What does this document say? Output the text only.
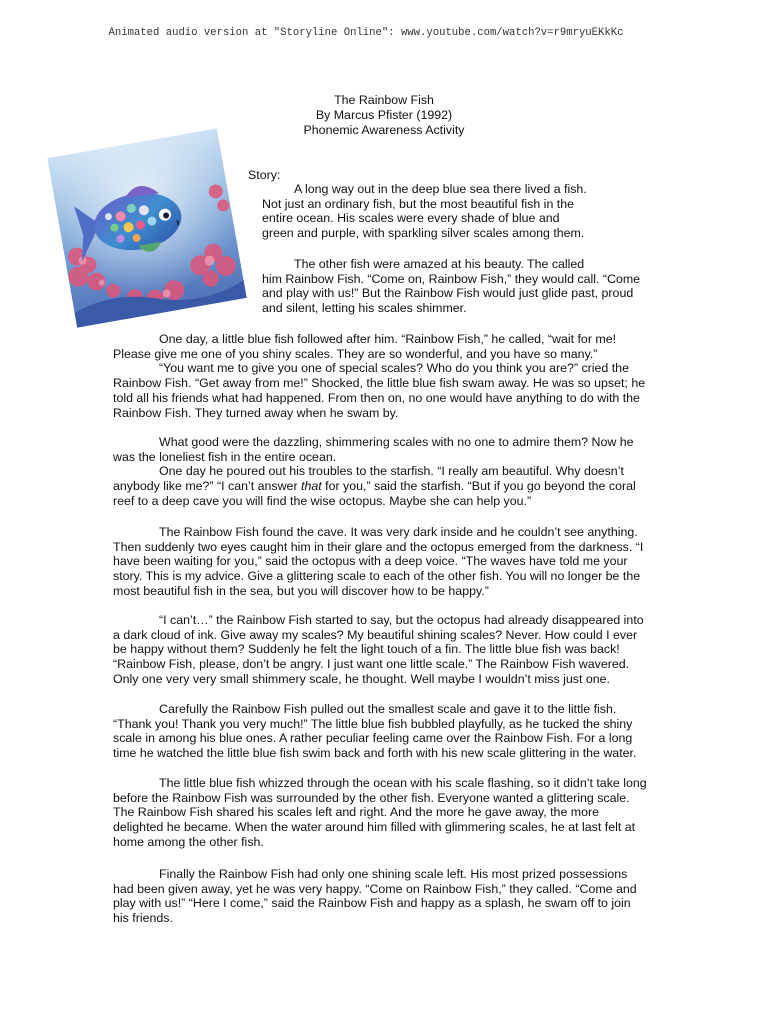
Animated audio version at "Storyline Online": www.youtube.com/watch?v=r9mryuEKkKc
The Rainbow Fish
By Marcus Pfister (1992)
Phonemic Awareness Activity
Story:
A long way out in the deep blue sea there lived a fish.
Not just an ordinary fish, but the most beautiful fish in the
entire ocean. His scales were every shade of blue and
green and purple, with sparkling silver scales among them.
The other fish were amazed at his beauty. The called
him Rainbow Fish. “Come on, Rainbow Fish,” they would call. “Come
and play with us!” But the Rainbow Fish would just glide past, proud
and silent, letting his scales shimmer.
One day, a little blue fish followed after him. “Rainbow Fish,” he called, “wait for me!
Please give me one of you shiny scales. They are so wonderful, and you have so many.”
“You want me to give you one of special scales? Who do you think you are?” cried the
Rainbow Fish. “Get away from me!” Shocked, the little blue fish swam away. He was so upset; he
told all his friends what had happened. From then on, no one would have anything to do with the
Rainbow Fish. They turned away when he swam by.
What good were the dazzling, shimmering scales with no one to admire them? Now he
was the loneliest fish in the entire ocean.
One day he poured out his troubles to the starfish. “I really am beautiful. Why doesn’t
anybody like me?” “I can’t answer that for you,” said the starfish. “But if you go beyond the coral
reef to a deep cave you will find the wise octopus. Maybe she can help you.”
The Rainbow Fish found the cave. It was very dark inside and he couldn’t see anything.
Then suddenly two eyes caught him in their glare and the octopus emerged from the darkness. “I
have been waiting for you,” said the octopus with a deep voice. “The waves have told me your
story. This is my advice. Give a glittering scale to each of the other fish. You will no longer be the
most beautiful fish in the sea, but you will discover how to be happy.”
“I can’t…” the Rainbow Fish started to say, but the octopus had already disappeared into
a dark cloud of ink. Give away my scales? My beautiful shining scales? Never. How could I ever
be happy without them? Suddenly he felt the light touch of a fin. The little blue fish was back!
“Rainbow Fish, please, don’t be angry. I just want one little scale.” The Rainbow Fish wavered.
Only one very very small shimmery scale, he thought. Well maybe I wouldn’t miss just one.
Carefully the Rainbow Fish pulled out the smallest scale and gave it to the little fish.
“Thank you! Thank you very much!” The little blue fish bubbled playfully, as he tucked the shiny
scale in among his blue ones. A rather peculiar feeling came over the Rainbow Fish. For a long
time he watched the little blue fish swim back and forth with his new scale glittering in the water.
The little blue fish whizzed through the ocean with his scale flashing, so it didn’t take long
before the Rainbow Fish was surrounded by the other fish. Everyone wanted a glittering scale.
The Rainbow Fish shared his scales left and right. And the more he gave away, the more
delighted he became. When the water around him filled with glimmering scales, he at last felt at
home among the other fish.
Finally the Rainbow Fish had only one shining scale left. His most prized possessions
had been given away, yet he was very happy. “Come on Rainbow Fish,” they called. “Come and
play with us!” “Here I come,” said the Rainbow Fish and happy as a splash, he swam off to join
his friends.
